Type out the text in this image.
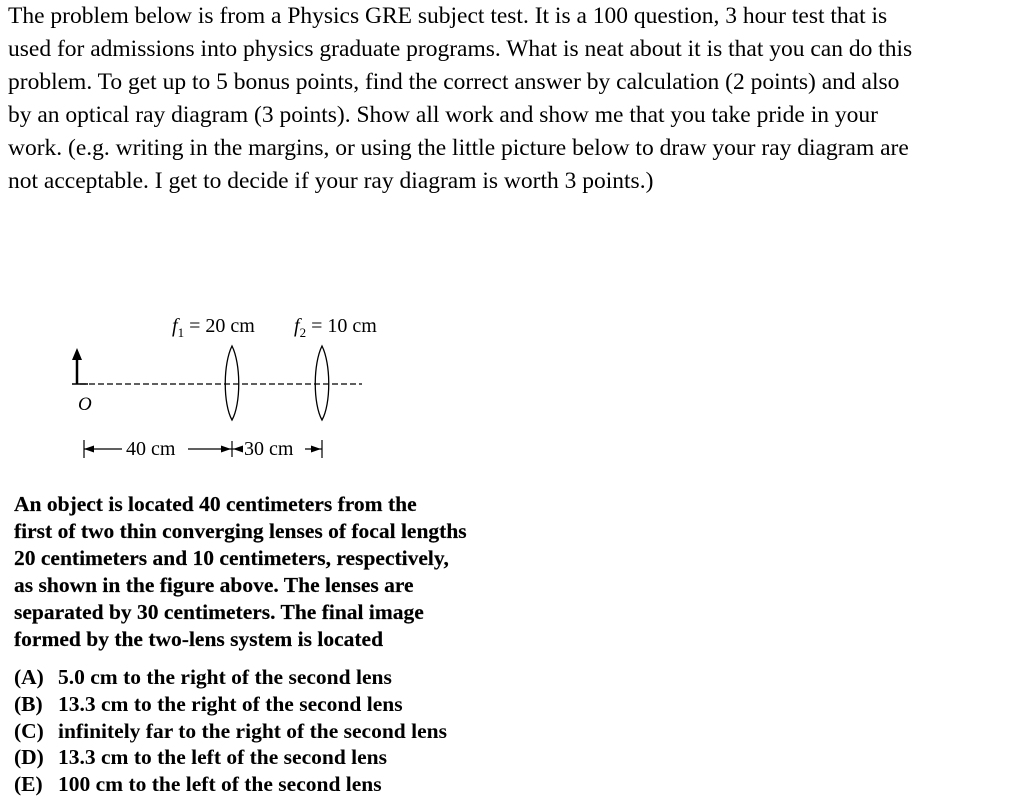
The problem below is from a Physics GRE subject test. It is a 100 question, 3 hour test that is

used for admissions into physics graduate programs. What is neat about it is that you can do this

problem. To get up to 5 bonus points, find the correct answer by calculation (2 points) and also

by an optical ray diagram (3 points). Show all work and show me that you take pride in your

work. (e.g. writing in the margins, or using the little picture below to draw your ray diagram are

not acceptable. I get to decide if your ray diagram is worth 3 points.)

$f_1 = 20$ cm $f_2 = 10$ cm
O
40 cm	30 cm

An object is located 40 centimeters from the
first of two thin converging lenses of focal lengths
20 centimeters and 10 centimeters, respectively,
as shown in the figure above. The lenses are
separated by 30 centimeters. The final image
formed by the two-lens system is located

(A) 5.0 cm to the right of the second lens
(B) 13.3 cm to the right of the second lens
(C) infinitely far to the right of the second lens
(D) 13.3 cm to the left of the second lens
(E) 100 cm to the left of the second lens
